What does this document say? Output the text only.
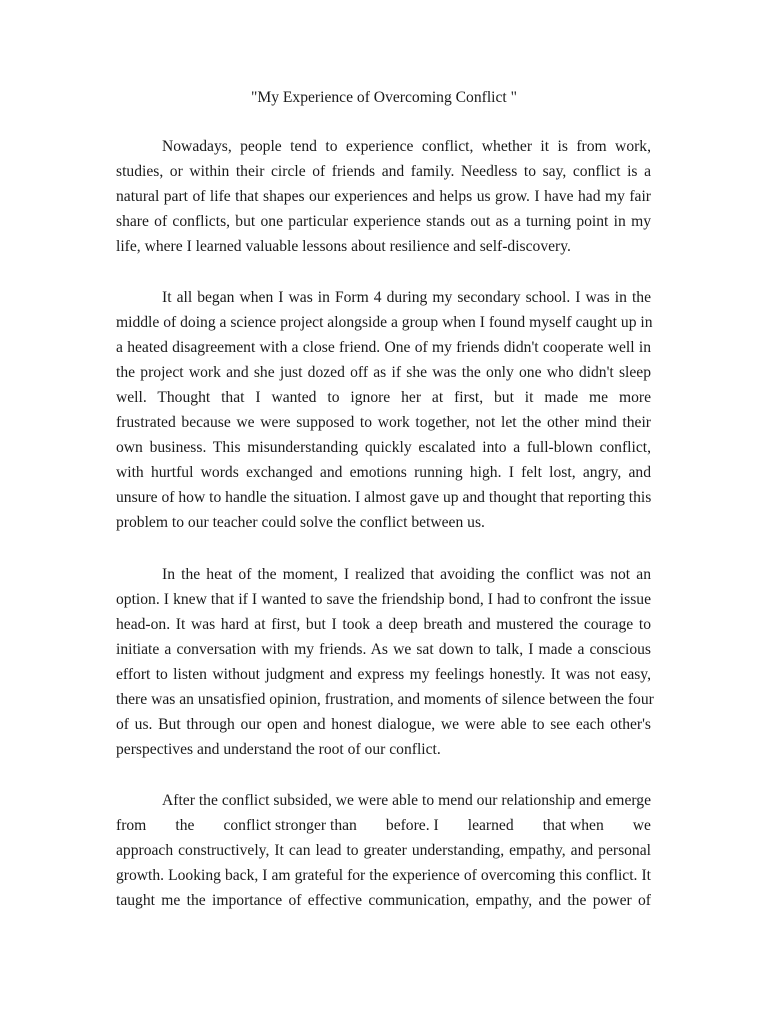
"My Experience of Overcoming Conflict "
Nowadays, people tend to experience conflict, whether it is from work,
studies, or within their circle of friends and family. Needless to say, conflict is a
natural part of life that shapes our experiences and helps us grow. I have had my fair
share of conflicts, but one particular experience stands out as a turning point in my
life, where I learned valuable lessons about resilience and self-discovery.
It all began when I was in Form 4 during my secondary school. I was in the
middle of doing a science project alongside a group when I found myself caught up in
a heated disagreement with a close friend. One of my friends didn't cooperate well in
the project work and she just dozed off as if she was the only one who didn't sleep
well. Thought that I wanted to ignore her at first, but it made me more
frustrated because we were supposed to work together, not let the other mind their
own business. This misunderstanding quickly escalated into a full-blown conflict,
with hurtful words exchanged and emotions running high. I felt lost, angry, and
unsure of how to handle the situation. I almost gave up and thought that reporting this
problem to our teacher could solve the conflict between us.
In the heat of the moment, I realized that avoiding the conflict was not an
option. I knew that if I wanted to save the friendship bond, I had to confront the issue
head-on. It was hard at first, but I took a deep breath and mustered the courage to
initiate a conversation with my friends. As we sat down to talk, I made a conscious
effort to listen without judgment and express my feelings honestly. It was not easy,
there was an unsatisfied opinion, frustration, and moments of silence between the four
of us. But through our open and honest dialogue, we were able to see each other's
perspectives and understand the root of our conflict.
After the conflict subsided, we were able to mend our relationship and emerge
from the conflict stronger than before. I learned that when we
approach constructively, It can lead to greater understanding, empathy, and personal
growth. Looking back, I am grateful for the experience of overcoming this conflict. It
taught me the importance of effective communication, empathy, and the power of
